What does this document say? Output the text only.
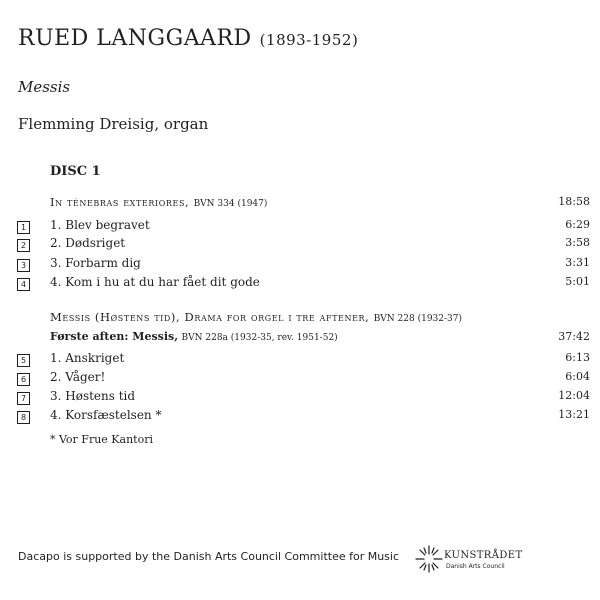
RUED LANGGAARD (1893-1952)
Messis
Flemming Dreisig, organ
DISC 1
In ténebras exteriores, BVN 334 (1947)	18:58
1	1. Blev begravet	6:29
2	2. Dødsriget	3:58
3	3. Forbarm dig	3:31
4	4. Kom i hu at du har fået dit gode	5:01
Messis (Høstens tid), Drama for orgel i tre aftener, BVN 228 (1932-37)
Første aften: Messis, BVN 228a (1932-35, rev. 1951-52)	37:42
5	1. Anskriget	6:13
6	2. Våger!	6:04
7	3. Høstens tid	12:04
8	4. Korsfæstelsen *	13:21
* Vor Frue Kantori
Dacapo is supported by the Danish Arts Council Committee for Music	KUNSTRÅDET
Danish Arts Council
